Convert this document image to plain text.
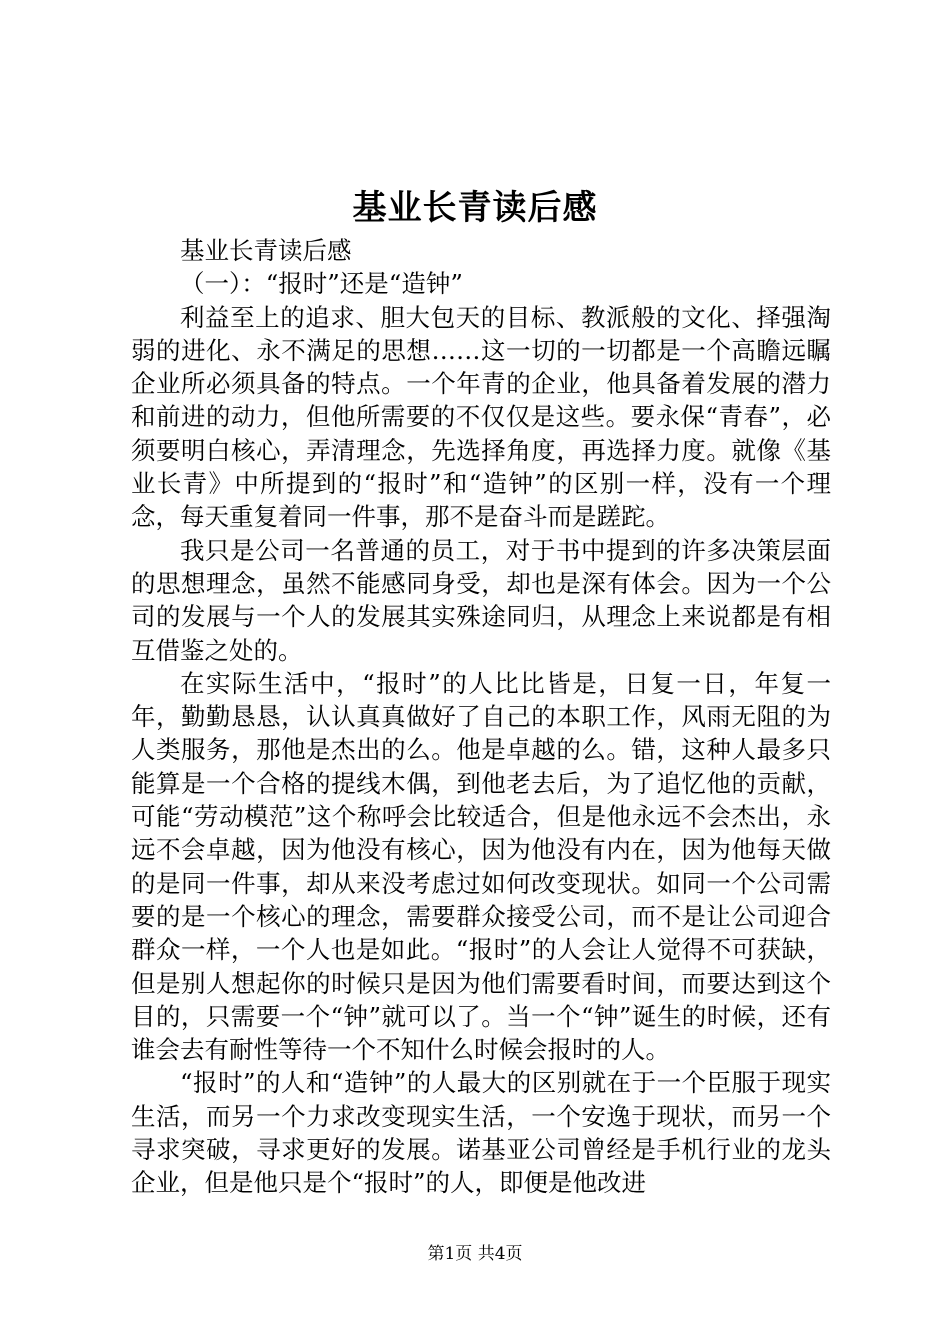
基业长青读后感

基业长青读后感

（一）：“报时”还是“造钟”

利益至上的追求、胆大包天的目标、教派般的文化、择强淘弱的进化、永不满足的思想……这一切的一切都是一个高瞻远瞩企业所必须具备的特点。一个年青的企业，他具备着发展的潜力和前进的动力，但他所需要的不仅仅是这些。要永保“青春”，必须要明白核心，弄清理念，先选择角度，再选择力度。就像《基业长青》中所提到的“报时”和“造钟”的区别一样，没有一个理念，每天重复着同一件事，那不是奋斗而是蹉跎。

我只是公司一名普通的员工，对于书中提到的许多决策层面的思想理念，虽然不能感同身受，却也是深有体会。因为一个公司的发展与一个人的发展其实殊途同归，从理念上来说都是有相互借鉴之处的。

在实际生活中，“报时”的人比比皆是，日复一日，年复一年，勤勤恳恳，认认真真做好了自己的本职工作，风雨无阻的为人类服务，那他是杰出的么。他是卓越的么。错，这种人最多只能算是一个合格的提线木偶，到他老去后，为了追忆他的贡献，可能“劳动模范”这个称呼会比较适合，但是他永远不会杰出，永远不会卓越，因为他没有核心，因为他没有内在，因为他每天做的是同一件事，却从来没考虑过如何改变现状。如同一个公司需要的是一个核心的理念，需要群众接受公司，而不是让公司迎合群众一样，一个人也是如此。“报时”的人会让人觉得不可获缺，但是别人想起你的时候只是因为他们需要看时间，而要达到这个目的，只需要一个“钟”就可以了。当一个“钟”诞生的时候，还有谁会去有耐性等待一个不知什么时候会报时的人。

“报时”的人和“造钟”的人最大的区别就在于一个臣服于现实生活，而另一个力求改变现实生活，一个安逸于现状，而另一个寻求突破，寻求更好的发展。诺基亚公司曾经是手机行业的龙头企业，但是他只是个“报时”的人，即便是他改进

第1页 共4页
